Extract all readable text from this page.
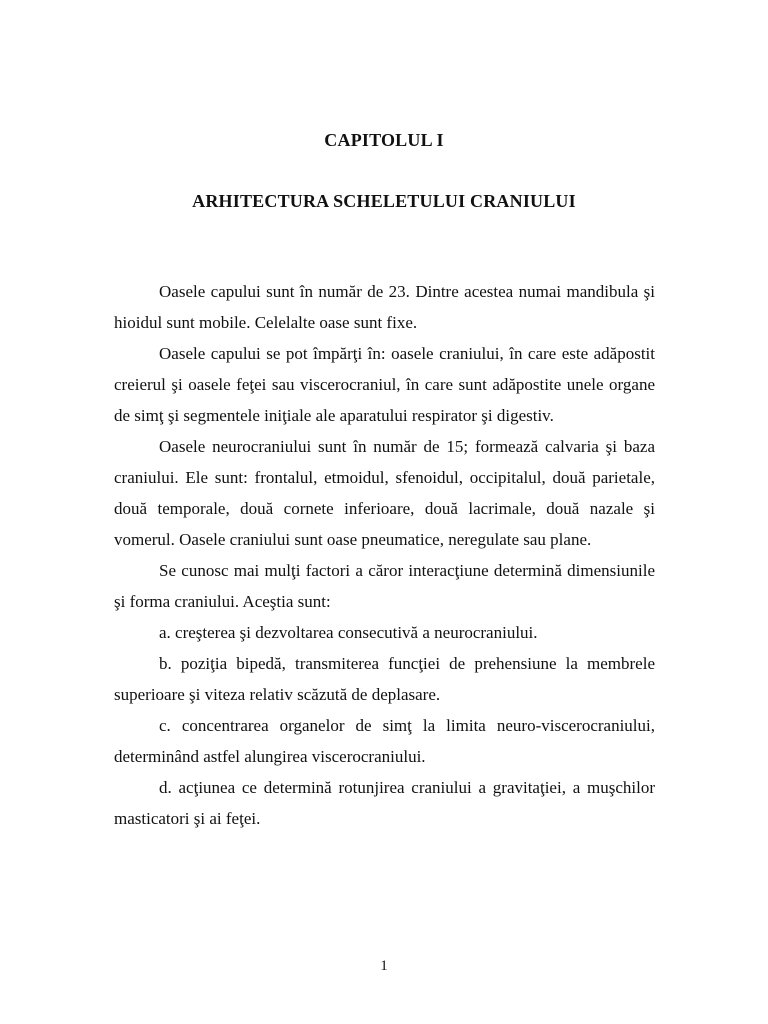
CAPITOLUL I
ARHITECTURA SCHELETULUI CRANIULUI

Oasele capului sunt în număr de 23. Dintre acestea numai mandibula şi hioidul sunt mobile. Celelalte oase sunt fixe.

Oasele capului se pot împărţi în: oasele craniului, în care este adăpostit creierul şi oasele feţei sau viscerocraniul, în care sunt adăpostite unele organe de simţ şi segmentele iniţiale ale aparatului respirator şi digestiv.

Oasele neurocraniului sunt în număr de 15; formează calvaria şi baza craniului. Ele sunt: frontalul, etmoidul, sfenoidul, occipitalul, două parietale, două temporale, două cornete inferioare, două lacrimale, două nazale şi vomerul. Oasele craniului sunt oase pneumatice, neregulate sau plane.

Se cunosc mai mulţi factori a căror interacţiune determină dimensiunile şi forma craniului. Aceştia sunt:

a. creşterea şi dezvoltarea consecutivă a neurocraniului.

b. poziţia bipedă, transmiterea funcţiei de prehensiune la membrele superioare şi viteza relativ scăzută de deplasare.

c. concentrarea organelor de simţ la limita neuro-viscerocraniului, determinând astfel alungirea viscerocraniului.

d. acţiunea ce determină rotunjirea craniului a gravitaţiei, a muşchilor masticatori şi ai feţei.

1
